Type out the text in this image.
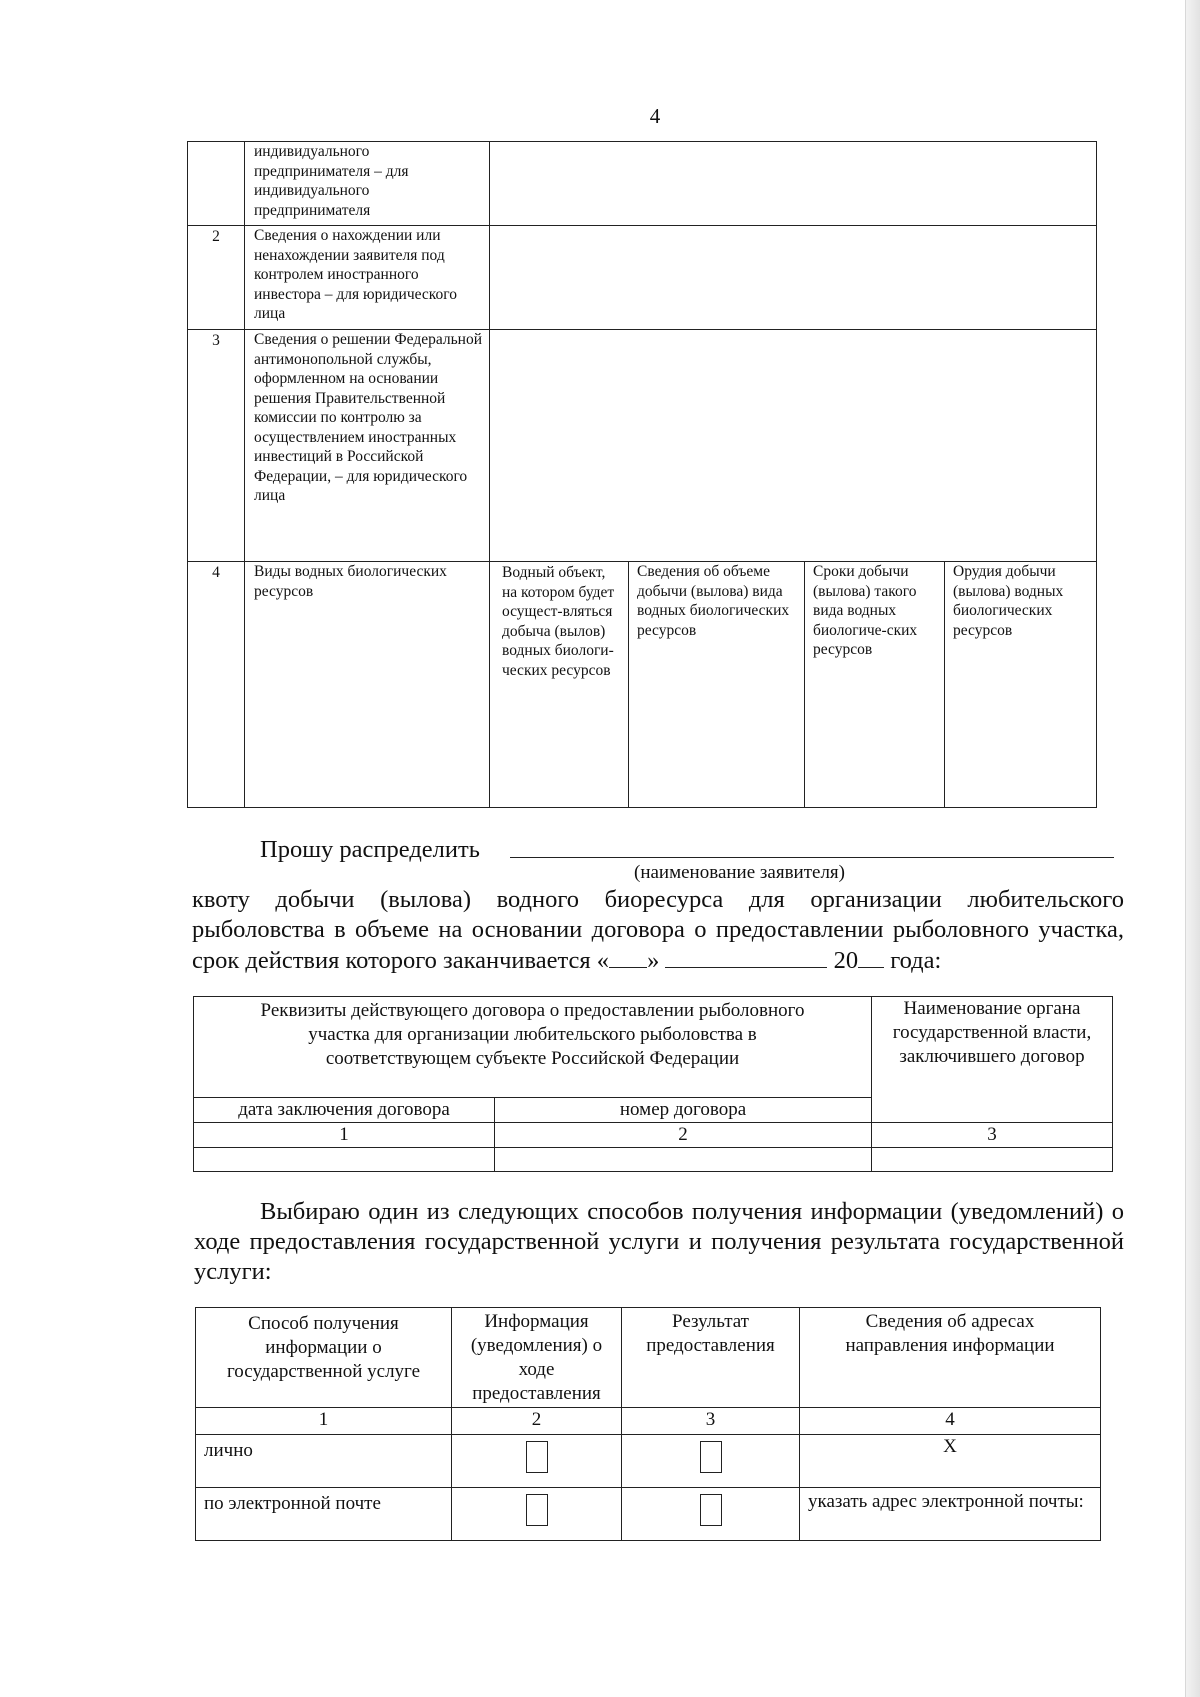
4
	индивидуального предпринимателя – для индивидуального предпринимателя				
2	Сведения о нахождении или ненахождении заявителя под контролем иностранного инвестора – для юридического лица				
3	Сведения о решении Федеральной антимонопольной службы, оформленном на основании решения Правительственной комиссии по контролю за осуществлением иностранных инвестиций в Российской Федерации, – для юридического лица				
4	Виды водных биологических ресурсов	Водный объект, на котором будет осущест-вляться добыча (вылов) водных биологи-ческих ресурсов	Сведения об объеме добычи (вылова) вида водных биологических ресурсов	Сроки добычи (вылова) такого вида водных биологиче-ских ресурсов	Орудия добычи (вылова) водных биологических ресурсов
Прошу распределить
(наименование заявителя)
квоту добычи (вылова) водного биоресурса для организации любительского рыболовства в объеме на основании договора о предоставлении рыболовного участка, срок действия которого заканчивается « »	20 года:
Реквизиты действующего договора о предоставлении рыболовного участка для организации любительского рыболовства в соответствующем субъекте Российской Федерации		Наименование органа государственной власти, заключившего договор
дата заключения договора	номер договора	
1	2	3

Выбираю один из следующих способов получения информации (уведомлений) о ходе предоставления государственной услуги и получения результата государственной услуги:
Способ получения информации о государственной услуге	Информация (уведомления) о ходе предоставления	Результат предоставления	Сведения об адресах направления информации
1	2	3	4
лично			X
по электронной почте			указать адрес электронной почты:
